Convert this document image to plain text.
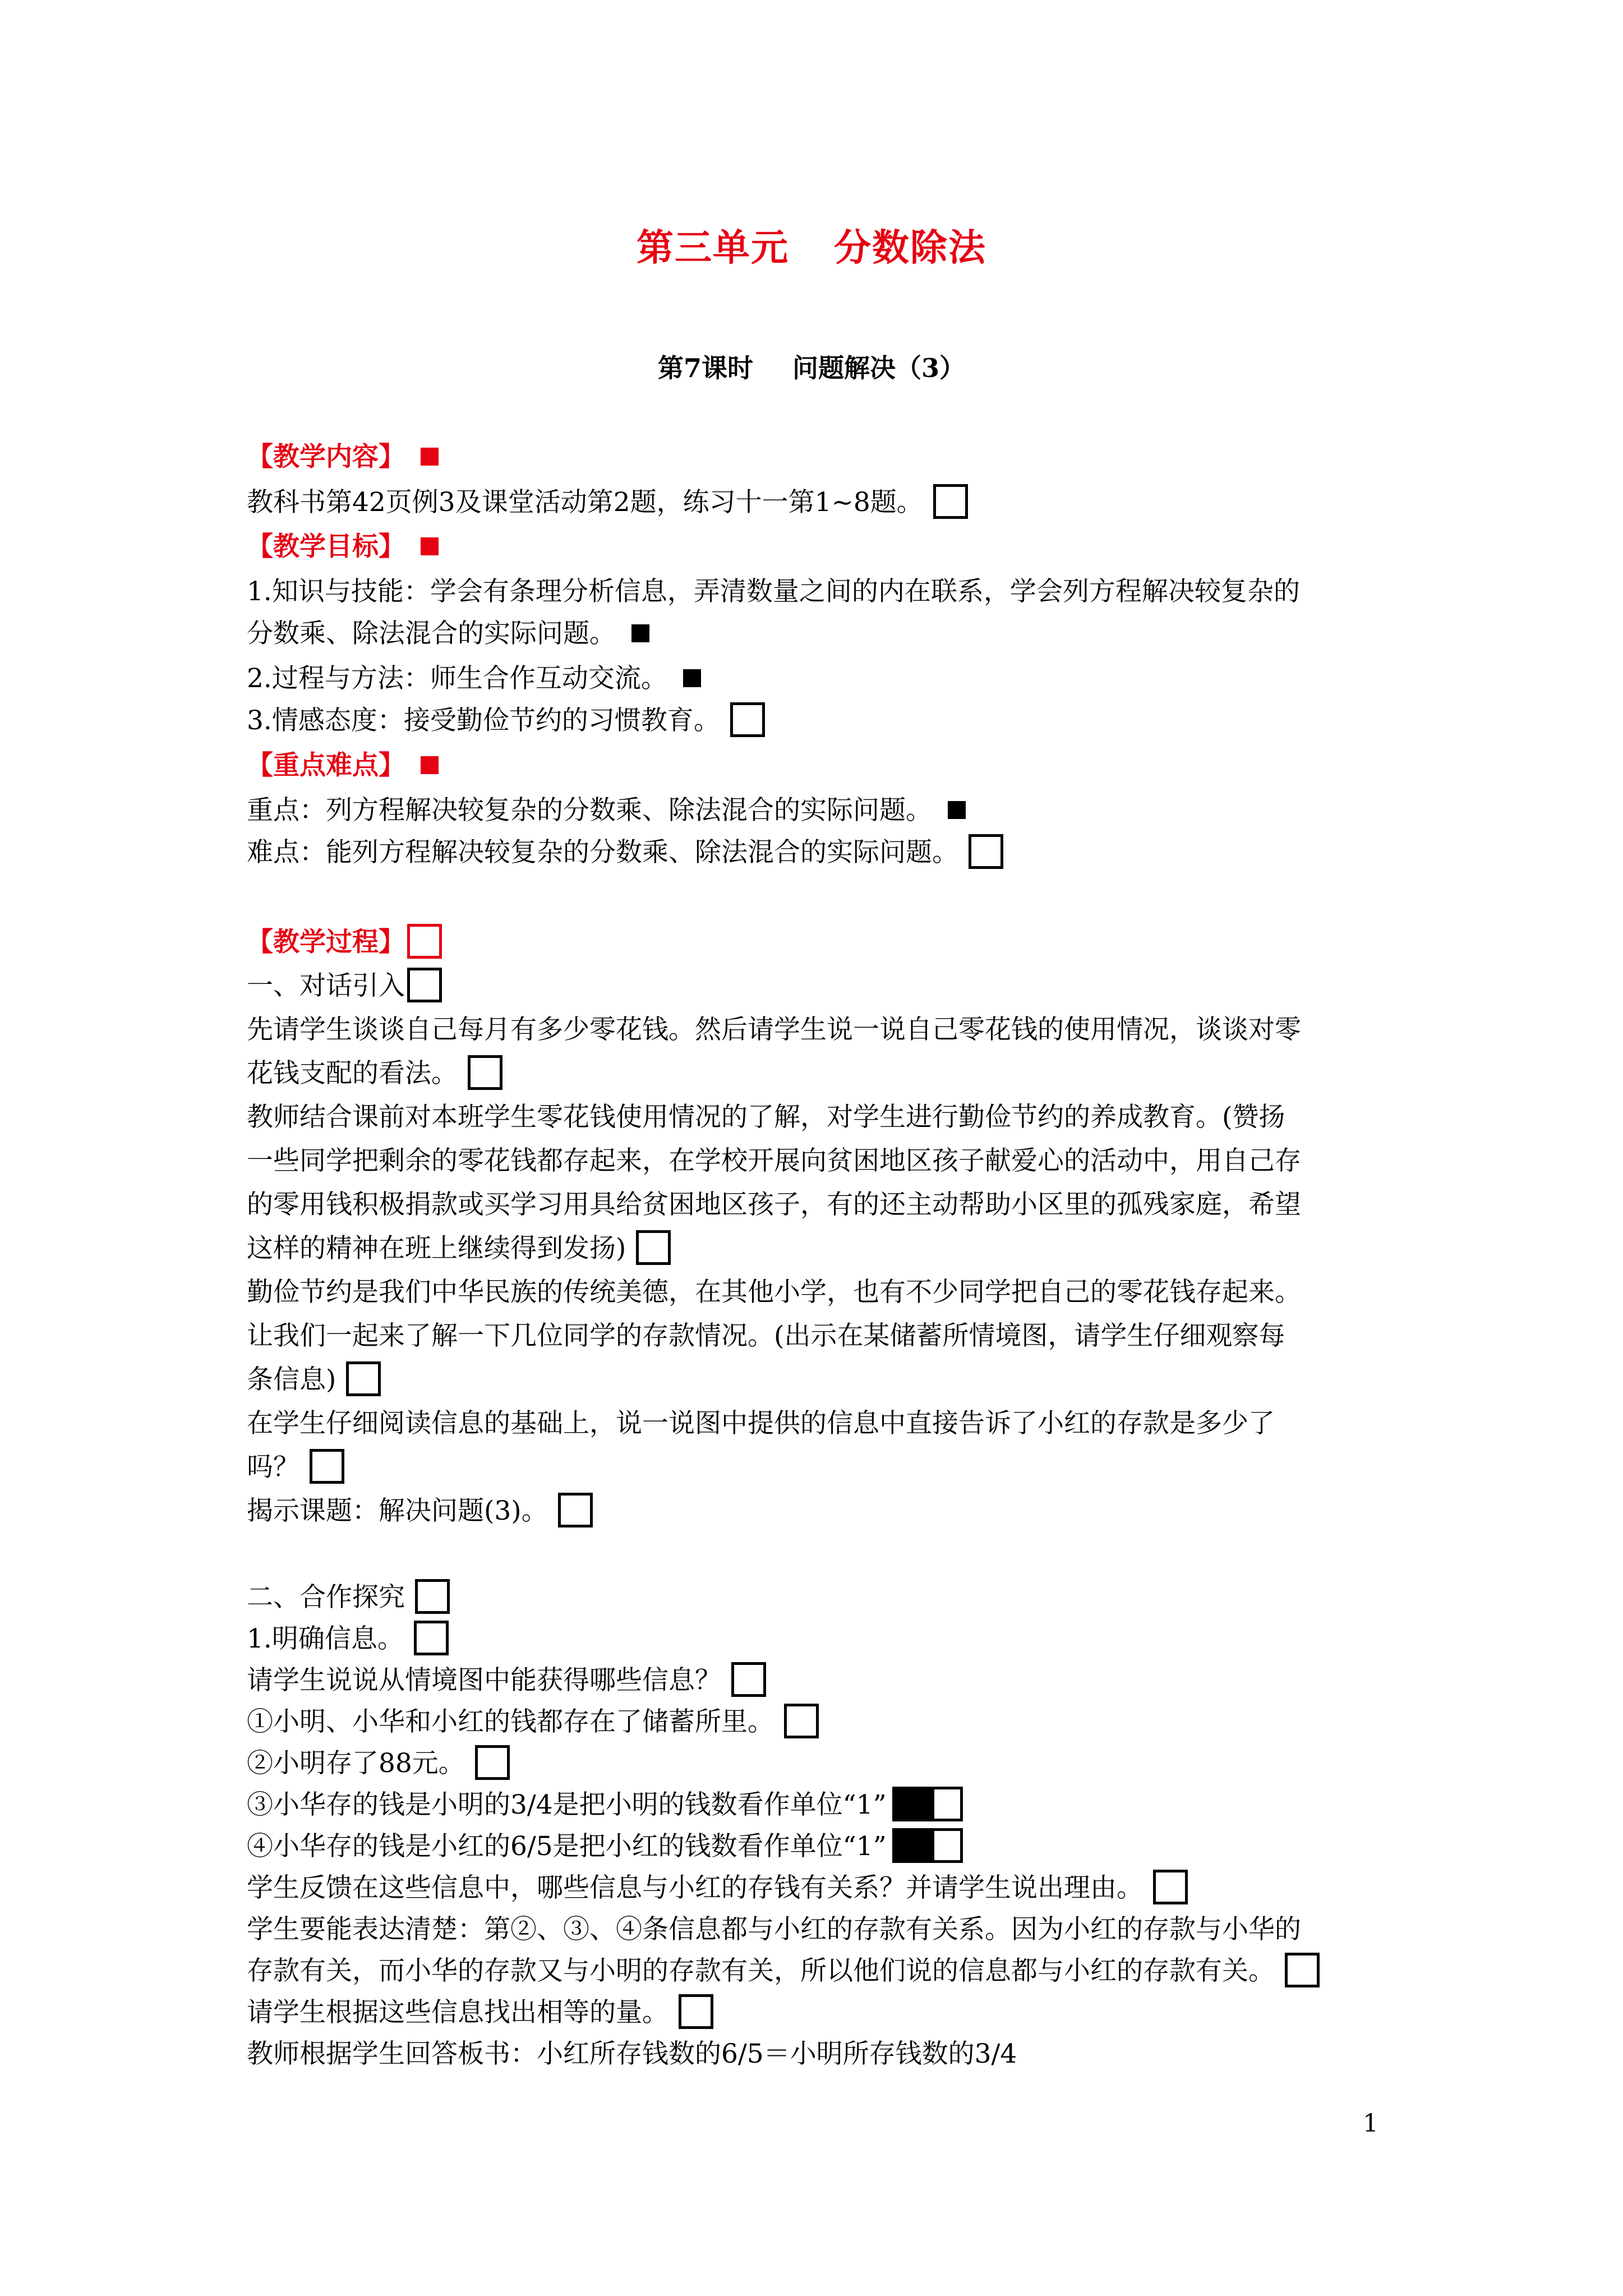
第三单元 分数除法
第7课时 问题解决（3）
【教学内容】
教科书第42页例3及课堂活动第2题，练习十一第1~8题。
【教学目标】
1.知识与技能：学会有条理分析信息，弄清数量之间的内在联系，学会列方程解决较复杂的
分数乘、除法混合的实际问题。
2.过程与方法：师生合作互动交流。
3.情感态度：接受勤俭节约的习惯教育。
【重点难点】
重点：列方程解决较复杂的分数乘、除法混合的实际问题。
难点：能列方程解决较复杂的分数乘、除法混合的实际问题。
【教学过程】
一、对话引入
先请学生谈谈自己每月有多少零花钱。然后请学生说一说自己零花钱的使用情况，谈谈对零
花钱支配的看法。
教师结合课前对本班学生零花钱使用情况的了解，对学生进行勤俭节约的养成教育。(赞扬
一些同学把剩余的零花钱都存起来，在学校开展向贫困地区孩子献爱心的活动中，用自己存
的零用钱积极捐款或买学习用具给贫困地区孩子，有的还主动帮助小区里的孤残家庭，希望
这样的精神在班上继续得到发扬)
勤俭节约是我们中华民族的传统美德，在其他小学，也有不少同学把自己的零花钱存起来。
让我们一起来了解一下几位同学的存款情况。(出示在某储蓄所情境图，请学生仔细观察每
条信息)
在学生仔细阅读信息的基础上，说一说图中提供的信息中直接告诉了小红的存款是多少了
吗？
揭示课题：解决问题(3)。
二、合作探究
1.明确信息。
请学生说说从情境图中能获得哪些信息？
①小明、小华和小红的钱都存在了储蓄所里。
②小明存了88元。
③小华存的钱是小明的3/4是把小明的钱数看作单位“1”
④小华存的钱是小红的6/5是把小红的钱数看作单位“1”
学生反馈在这些信息中，哪些信息与小红的存钱有关系？并请学生说出理由。
学生要能表达清楚：第②、③、④条信息都与小红的存款有关系。因为小红的存款与小华的
存款有关，而小华的存款又与小明的存款有关，所以他们说的信息都与小红的存款有关。
请学生根据这些信息找出相等的量。
教师根据学生回答板书：小红所存钱数的6/5＝小明所存钱数的3/4
1
